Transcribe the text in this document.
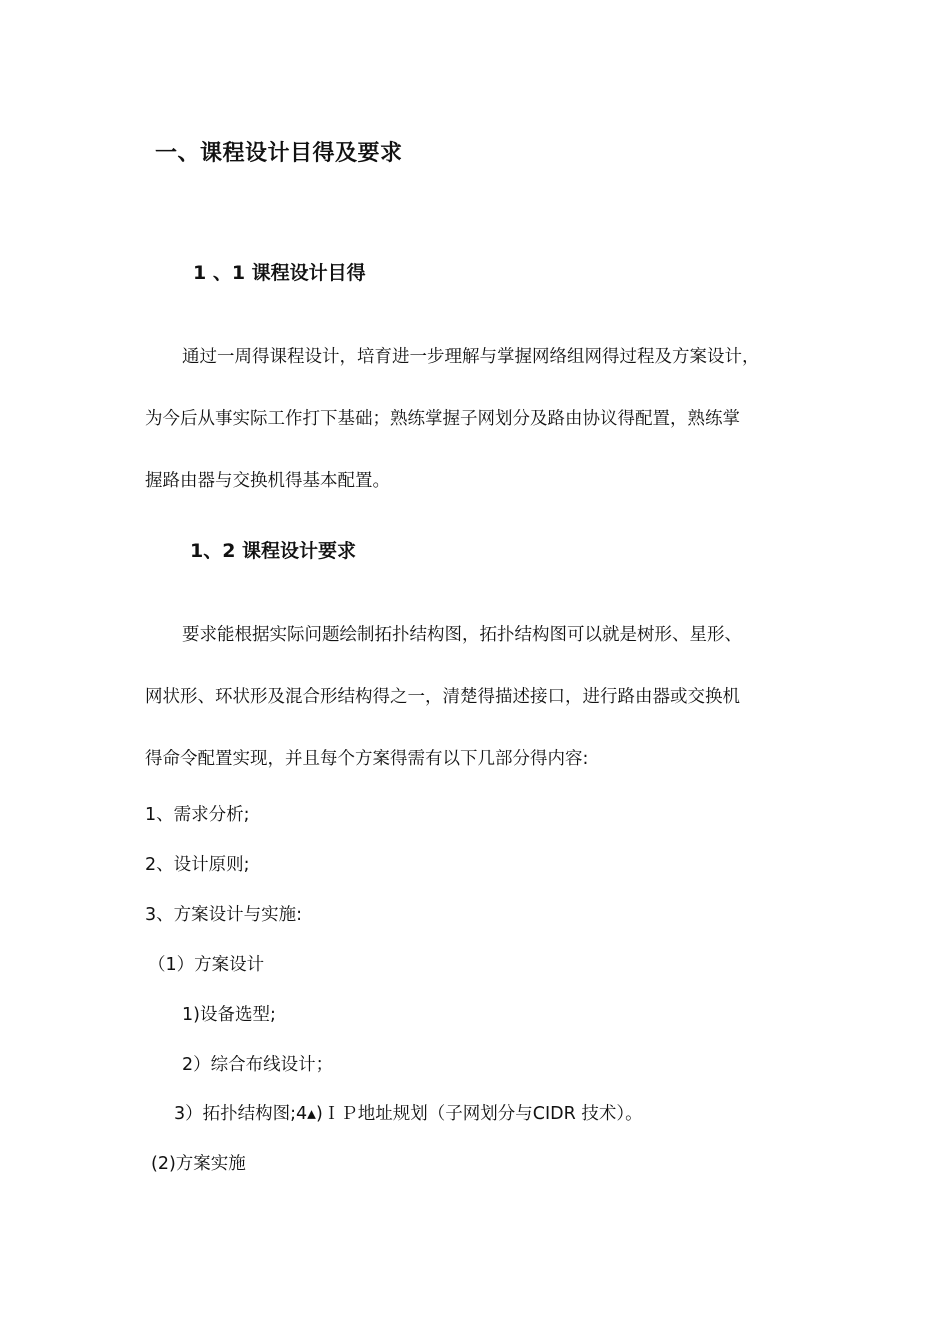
一、课程设计目得及要求
1 、1 课程设计目得

通过一周得课程设计，培育进一步理解与掌握网络组网得过程及方案设计，

为今后从事实际工作打下基础；熟练掌握子网划分及路由协议得配置，熟练掌

握路由器与交换机得基本配置。

1、2 课程设计要求

要求能根据实际问题绘制拓扑结构图，拓扑结构图可以就是树形、星形、

网状形、环状形及混合形结构得之一，清楚得描述接口，进行路由器或交换机

得命令配置实现，并且每个方案得需有以下几部分得内容:

1、需求分析;

2、设计原则;

3、方案设计与实施:

（1）方案设计

1)设备选型;

2）综合布线设计；

3）拓扑结构图;4▴)ＩＰ地址规划（子网划分与CIDR 技术）。

(2)方案实施
